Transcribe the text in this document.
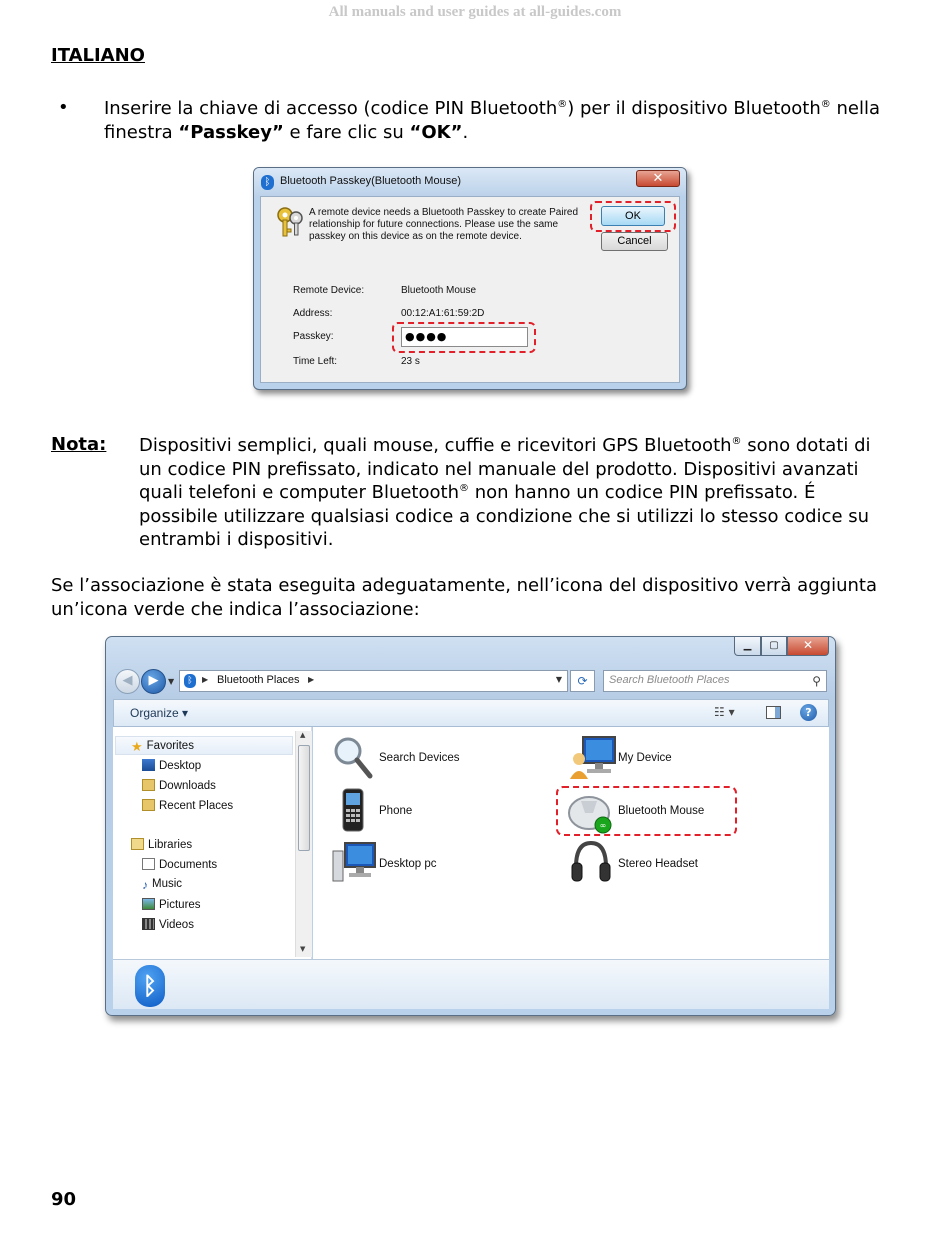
All manuals and user guides at all-guides.com
ITALIANO
• Inserire la chiave di accesso (codice PIN Bluetooth®) per il dispositivo Bluetooth® nella finestra “Passkey” e fare clic su “OK”.
ᛒ Bluetooth Passkey(Bluetooth Mouse)	✕
A remote device needs a Bluetooth Passkey to create Paired relationship for future connections. Please use the same passkey on this device as on the remote device.
OK
Cancel
Remote Device:	Bluetooth Mouse
Address:	00:12:A1:61:59:2D
Passkey:	●●●●
Time Left:	23 s
Nota: Dispositivi semplici, quali mouse, cuffie e ricevitori GPS Bluetooth® sono dotati di un codice PIN prefissato, indicato nel manuale del prodotto. Dispositivi avanzati quali telefoni e computer Bluetooth® non hanno un codice PIN prefissato. É possibile utilizzare qualsiasi codice a condizione che si utilizzi lo stesso codice su entrambi i dispositivi.
Se l’associazione è stata eseguita adeguatamente, nell’icona del dispositivo verrà aggiunta un’icona verde che indica l’associazione:
▁	▢	✕
◀	▶	▼	ᛒ	▶ Bluetooth Places ▶	▼	⟳	Search Bluetooth Places	⚲
Organize ▾	☷ ▾	?
★ Favorites
Desktop
Downloads
Recent Places
Libraries
Documents
♪ Music
Pictures
Videos
▲
▼
Search Devices	My Device
Phone
∞
Bluetooth Mouse
Desktop pc	Stereo Headset
ᛒ
90
